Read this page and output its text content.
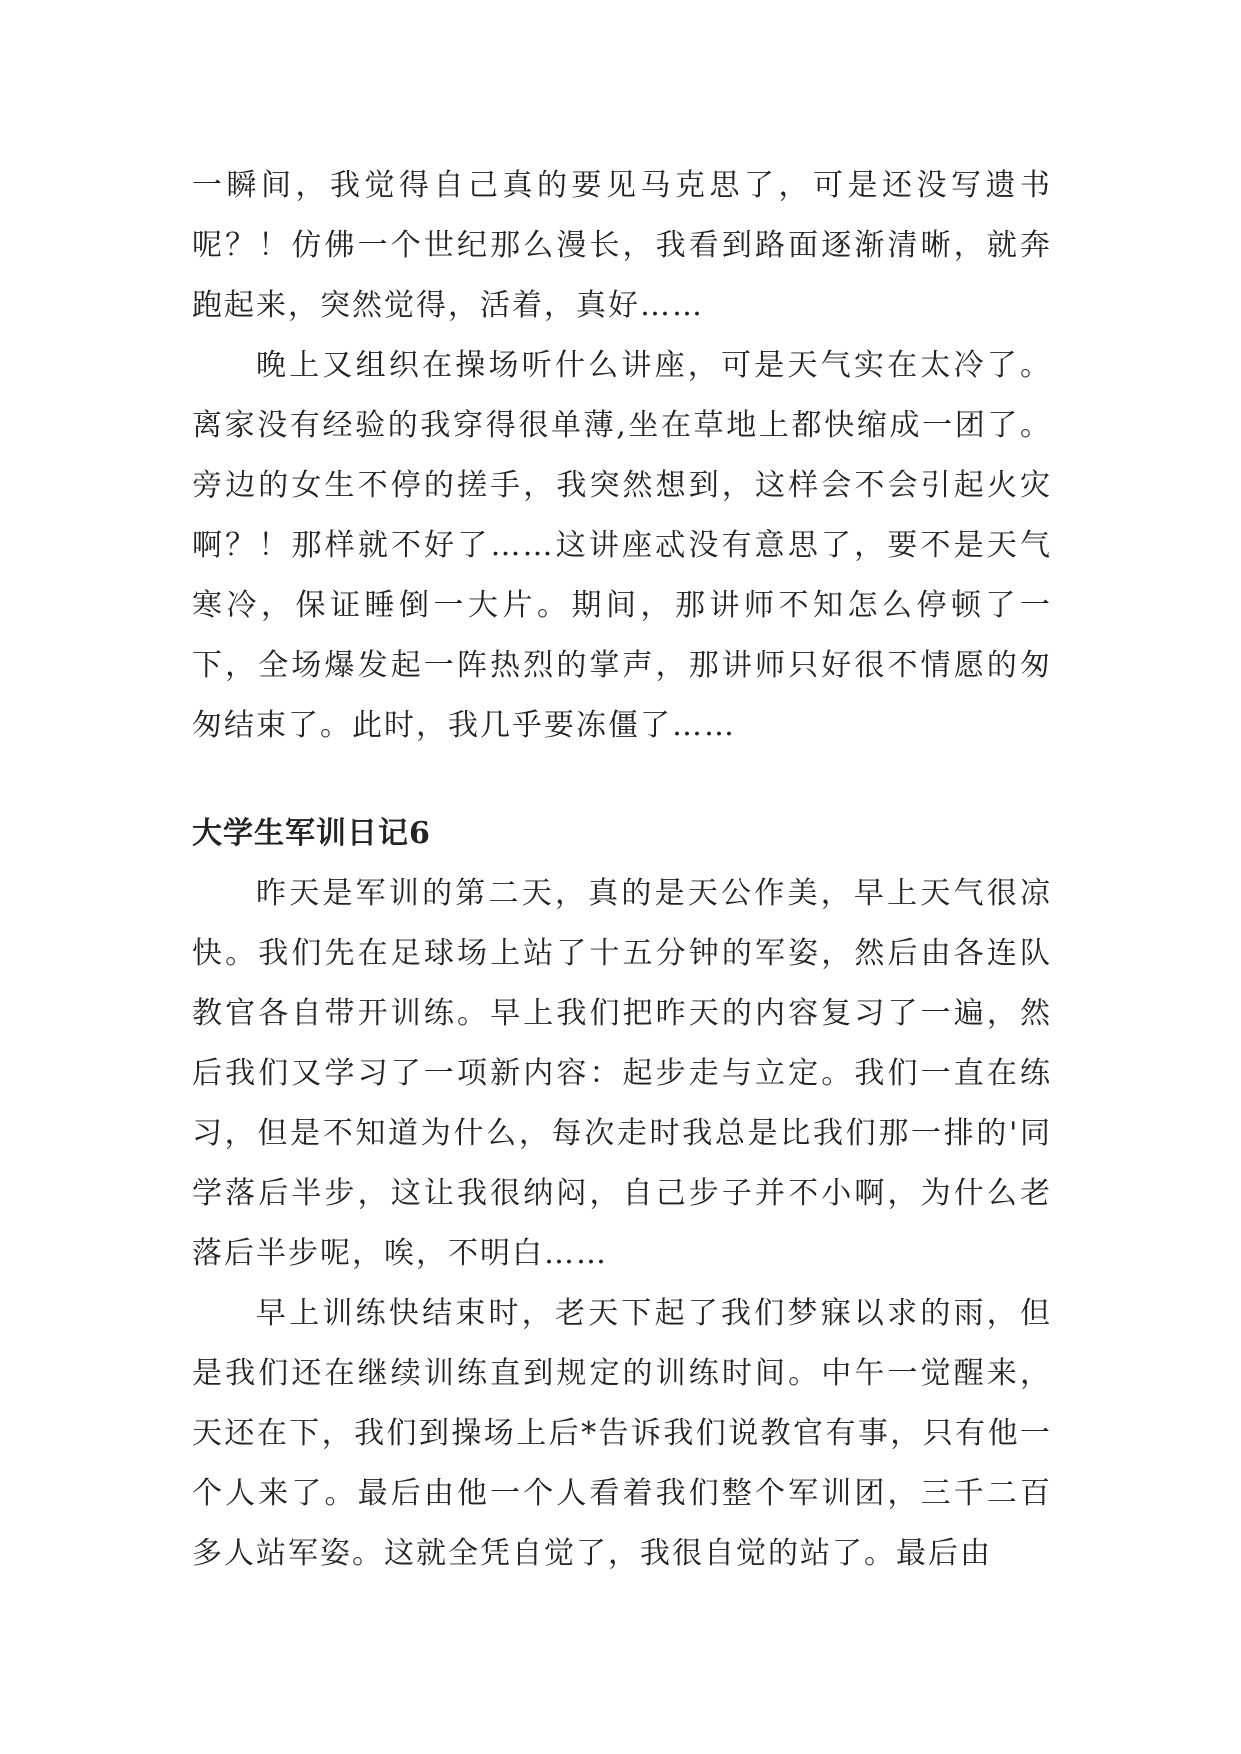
一瞬间，我觉得自己真的要见马克思了，可是还没写遗书呢？！仿佛一个世纪那么漫长，我看到路面逐渐清晰，就奔跑起来，突然觉得，活着，真好……

晚上又组织在操场听什么讲座，可是天气实在太冷了。离家没有经验的我穿得很单薄,坐在草地上都快缩成一团了。旁边的女生不停的搓手，我突然想到，这样会不会引起火灾啊？！那样就不好了……这讲座忒没有意思了，要不是天气寒冷，保证睡倒一大片。期间，那讲师不知怎么停顿了一下，全场爆发起一阵热烈的掌声，那讲师只好很不情愿的匆匆结束了。此时，我几乎要冻僵了……

大学生军训日记6

昨天是军训的第二天，真的是天公作美，早上天气很凉快。我们先在足球场上站了十五分钟的军姿，然后由各连队教官各自带开训练。早上我们把昨天的内容复习了一遍，然后我们又学习了一项新内容：起步走与立定。我们一直在练习，但是不知道为什么，每次走时我总是比我们那一排的'同学落后半步，这让我很纳闷，自己步子并不小啊，为什么老落后半步呢，唉，不明白……

早上训练快结束时，老天下起了我们梦寐以求的雨，但是我们还在继续训练直到规定的训练时间。中午一觉醒来，天还在下，我们到操场上后*告诉我们说教官有事，只有他一个人来了。最后由他一个人看着我们整个军训团，三千二百多人站军姿。这就全凭自觉了，我很自觉的站了。最后由
